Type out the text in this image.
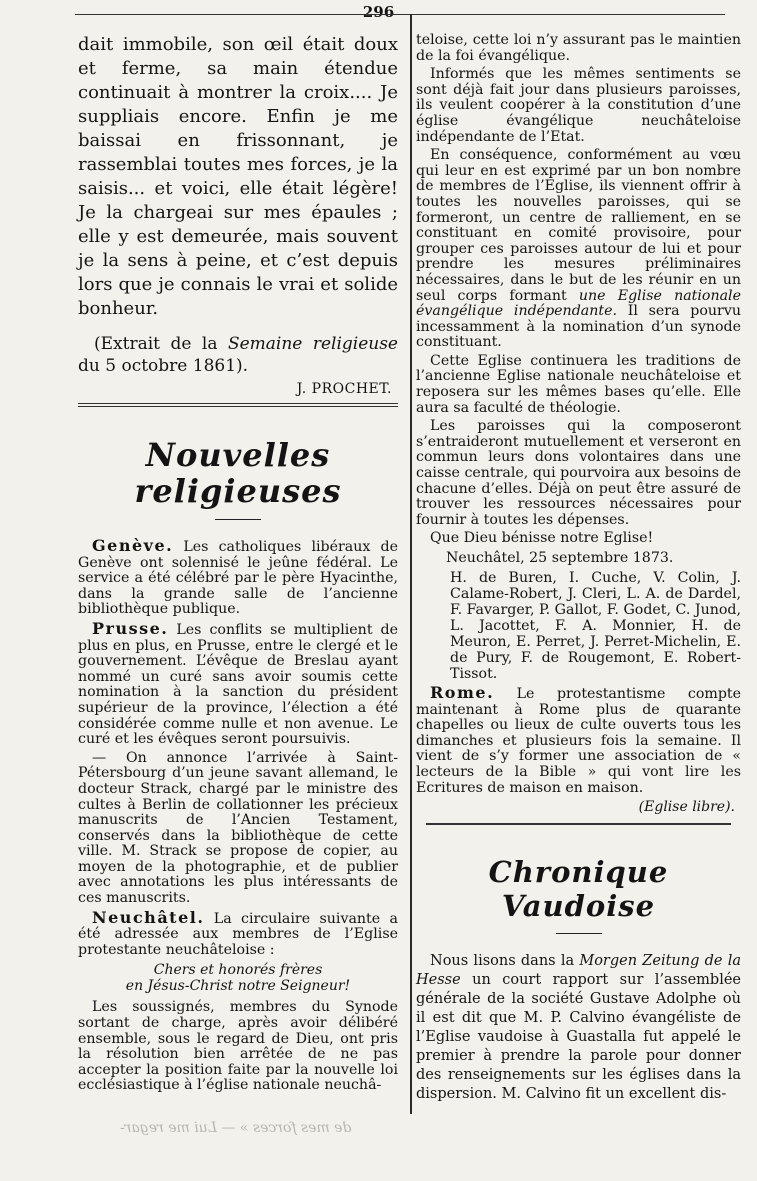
296

dait immobile, son œil était doux et ferme, sa main étendue continuait à montrer la croix.... Je suppliais encore. Enfin je me baissai en frissonnant, je rassemblai toutes mes forces, je la saisis... et voici, elle était légère! Je la chargeai sur mes épaules ; elle y est demeurée, mais souvent je la sens à peine, et c’est depuis lors que je connais le vrai et solide bonheur.

(Extrait de la Semaine religieuse du 5 octobre 1861).

J. PROCHET.
Nouvelles religieuses

Genève. Les catholiques libéraux de Genève ont solennisé le jeûne fédéral. Le service a été célébré par le père Hyacinthe, dans la grande salle de l’ancienne bibliothèque publique.

Prusse. Les conflits se multiplient de plus en plus, en Prusse, entre le clergé et le gouvernement. L’évêque de Breslau ayant nommé un curé sans avoir soumis cette nomination à la sanction du président supérieur de la province, l’élection a été considérée comme nulle et non avenue. Le curé et les évêques seront poursuivis.

— On annonce l’arrivée à Saint-Pétersbourg d’un jeune savant allemand, le docteur Strack, chargé par le ministre des cultes à Berlin de collationner les précieux manuscrits de l’Ancien Testament, conservés dans la bibliothèque de cette ville. M. Strack se propose de copier, au moyen de la photographie, et de publier avec annotations les plus intéressants de ces manuscrits.

Neuchâtel. La circulaire suivante a été adressée aux membres de l’Eglise protestante neuchâteloise :

Chers et honorés frères
en Jésus-Christ notre Seigneur!

Les soussignés, membres du Synode sortant de charge, après avoir délibéré ensemble, sous le regard de Dieu, ont pris la résolution bien arrêtée de ne pas accepter la position faite par la nouvelle loi ecclésiastique à l’église nationale neuchâ-

teloise, cette loi n’y assurant pas le maintien de la foi évangélique.

Informés que les mêmes sentiments se sont déjà fait jour dans plusieurs paroisses, ils veulent coopérer à la constitution d’une église évangélique neuchâteloise indépendante de l’Etat.

En conséquence, conformément au vœu qui leur en est exprimé par un bon nombre de membres de l’Eglise, ils viennent offrir à toutes les nouvelles paroisses, qui se formeront, un centre de ralliement, en se constituant en comité provisoire, pour grouper ces paroisses autour de lui et pour prendre les mesures préliminaires nécessaires, dans le but de les réunir en un seul corps formant une Eglise nationale évangélique indépendante. Il sera pourvu incessamment à la nomination d’un synode constituant.

Cette Eglise continuera les traditions de l’ancienne Eglise nationale neuchâteloise et reposera sur les mêmes bases qu’elle. Elle aura sa faculté de théologie.

Les paroisses qui la composeront s’entraideront mutuellement et verseront en commun leurs dons volontaires dans une caisse centrale, qui pourvoira aux besoins de chacune d’elles. Déjà on peut être assuré de trouver les ressources nécessaires pour fournir à toutes les dépenses.

Que Dieu bénisse notre Eglise!

Neuchâtel, 25 septembre 1873.

H. de Buren, I. Cuche, V. Colin, J. Calame-Robert, J. Cleri, L. A. de Dardel, F. Favarger, P. Gallot, F. Godet, C. Junod, L. Jacottet, F. A. Monnier, H. de Meuron, E. Perret, J. Perret-Michelin, E. de Pury, F. de Rougemont, E. Robert-Tissot.

Rome. Le protestantisme compte maintenant à Rome plus de quarante chapelles ou lieux de culte ouverts tous les dimanches et plusieurs fois la semaine. Il vient de s’y former une association de « lecteurs de la Bible » qui vont lire les Ecritures de maison en maison.

(Eglise libre).
Chronique Vaudoise

Nous lisons dans la Morgen Zeitung de la Hesse un court rapport sur l’assemblée générale de la société Gustave Adolphe où il est dit que M. P. Calvino évangéliste de l’Eglise vaudoise à Guastalla fut appelé le premier à prendre la parole pour donner des renseignements sur les églises dans la dispersion. M. Calvino fit un excellent dis-

de mes forces » — Lui me regar-
